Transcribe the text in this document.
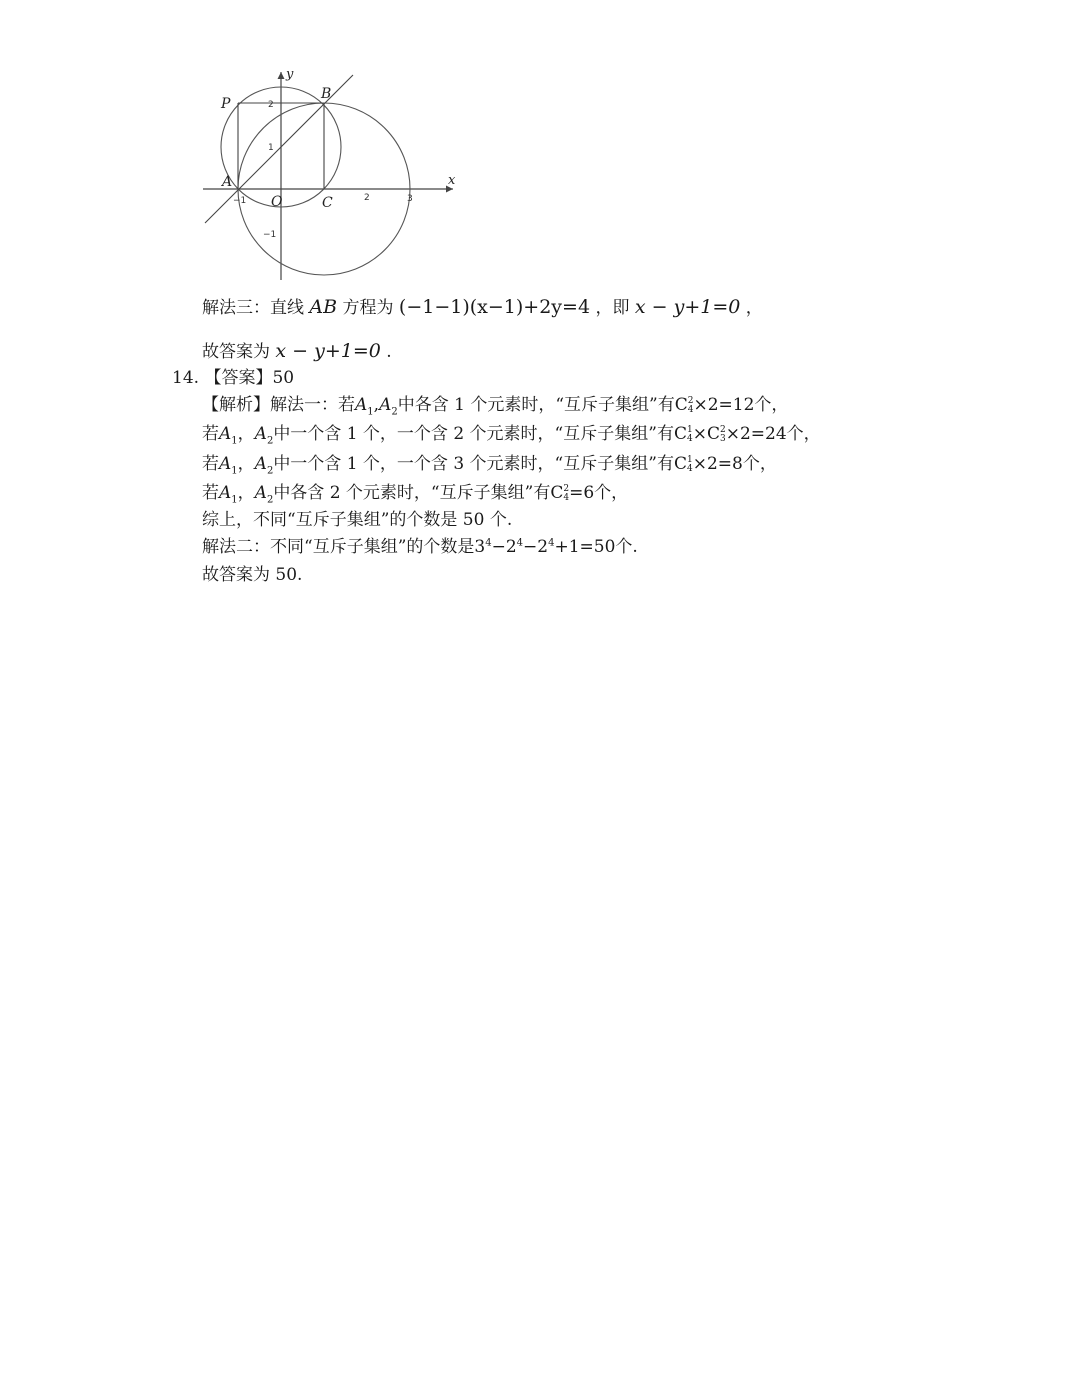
P
B
A
O	C
x
y
2
1
−1
−1	2	3
解法三：直线 AB 方程为 (−1−1)(x−1)+2y=4 ，即 x − y+1=0 ，
故答案为 x − y+1=0 .
14. 【答案】50
【解析】解法一：若$A_1,A_2$中各含 1 个元素时，“互斥子集组”有C 2
4 ×2=12个，
若$A_1$，$A_2$中一个含 1 个，一个含 2 个元素时，“互斥子集组”有C 1
4 ×C 2
3 ×2=24个，
若$A_1$，$A_2$中一个含 1 个，一个含 3 个元素时，“互斥子集组”有C 1
4 ×2=8个，
若$A_1$，$A_2$中各含 2 个元素时，“互斥子集组”有C 2
4 =6个，
综上，不同“互斥子集组”的个数是 50 个.
解法二：不同“互斥子集组”的个数是$3^4-2^4-2^4+1=50$个.
故答案为 50.
